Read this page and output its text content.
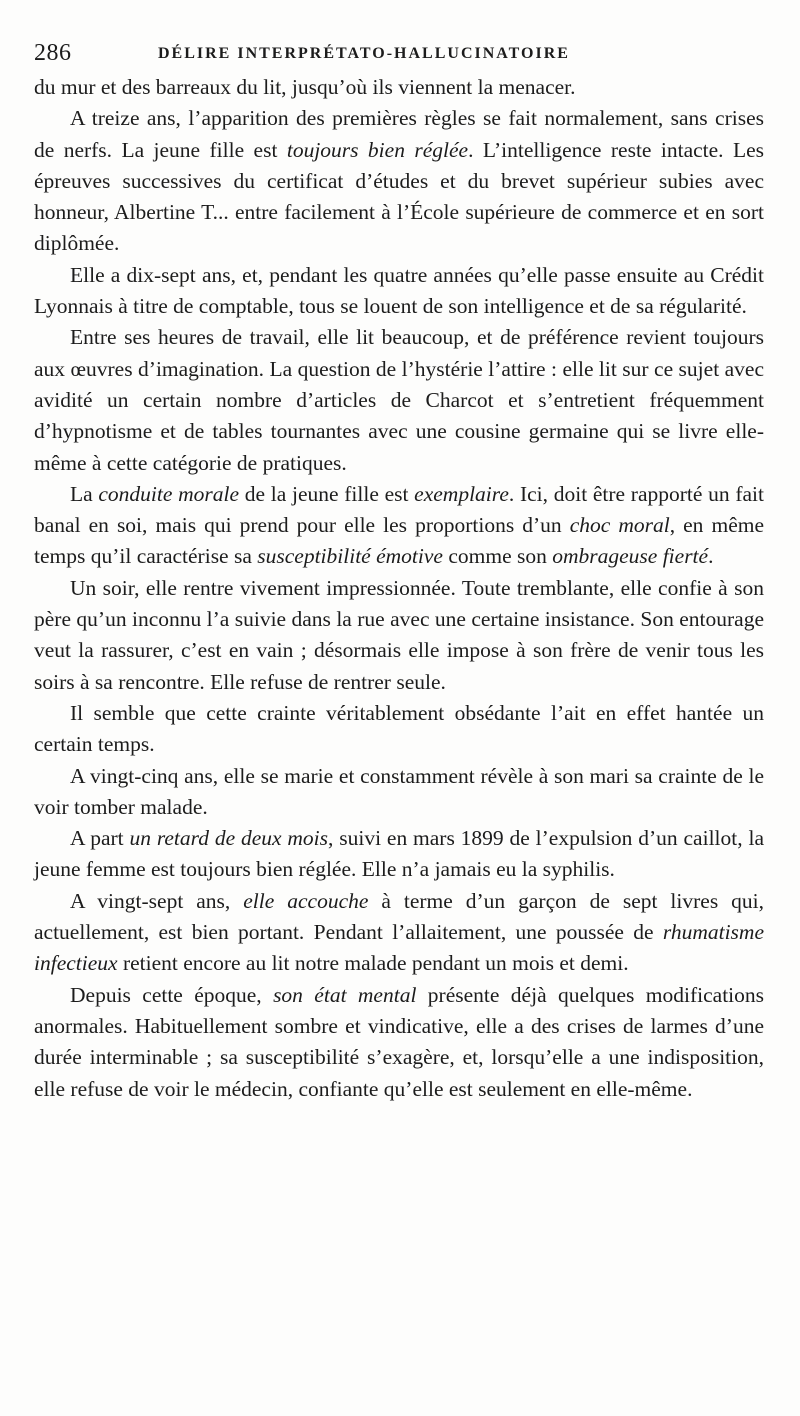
286	DÉLIRE INTERPRÉTATO-HALLUCINATOIRE

du mur et des barreaux du lit, jusqu’où ils viennent la menacer.

A treize ans, l’apparition des premières règles se fait normalement, sans crises de nerfs. La jeune fille est toujours bien réglée. L’intelligence reste intacte. Les épreuves successives du certificat d’études et du brevet supérieur subies avec honneur, Albertine T... entre facilement à l’École supérieure de commerce et en sort diplômée.

Elle a dix-sept ans, et, pendant les quatre années qu’elle passe ensuite au Crédit Lyonnais à titre de comptable, tous se louent de son intelligence et de sa régularité.

Entre ses heures de travail, elle lit beaucoup, et de préférence revient toujours aux œuvres d’imagination. La question de l’hystérie l’attire : elle lit sur ce sujet avec avidité un certain nombre d’articles de Charcot et s’entretient fréquemment d’hypnotisme et de tables tournantes avec une cousine germaine qui se livre elle-même à cette catégorie de pratiques.

La conduite morale de la jeune fille est exemplaire. Ici, doit être rapporté un fait banal en soi, mais qui prend pour elle les proportions d’un choc moral, en même temps qu’il caractérise sa susceptibilité émotive comme son ombrageuse fierté.

Un soir, elle rentre vivement impressionnée. Toute tremblante, elle confie à son père qu’un inconnu l’a suivie dans la rue avec une certaine insistance. Son entourage veut la rassurer, c’est en vain ; désormais elle impose à son frère de venir tous les soirs à sa rencontre. Elle refuse de rentrer seule.

Il semble que cette crainte véritablement obsédante l’ait en effet hantée un certain temps.

A vingt-cinq ans, elle se marie et constamment révèle à son mari sa crainte de le voir tomber malade.

A part un retard de deux mois, suivi en mars 1899 de l’expulsion d’un caillot, la jeune femme est toujours bien réglée. Elle n’a jamais eu la syphilis.

A vingt-sept ans, elle accouche à terme d’un garçon de sept livres qui, actuellement, est bien portant. Pendant l’allaitement, une poussée de rhumatisme infectieux retient encore au lit notre malade pendant un mois et demi.

Depuis cette époque, son état mental présente déjà quelques modifications anormales. Habituellement sombre et vindicative, elle a des crises de larmes d’une durée interminable ; sa susceptibilité s’exagère, et, lorsqu’elle a une indisposition, elle refuse de voir le médecin, confiante qu’elle est seulement en elle-même.
